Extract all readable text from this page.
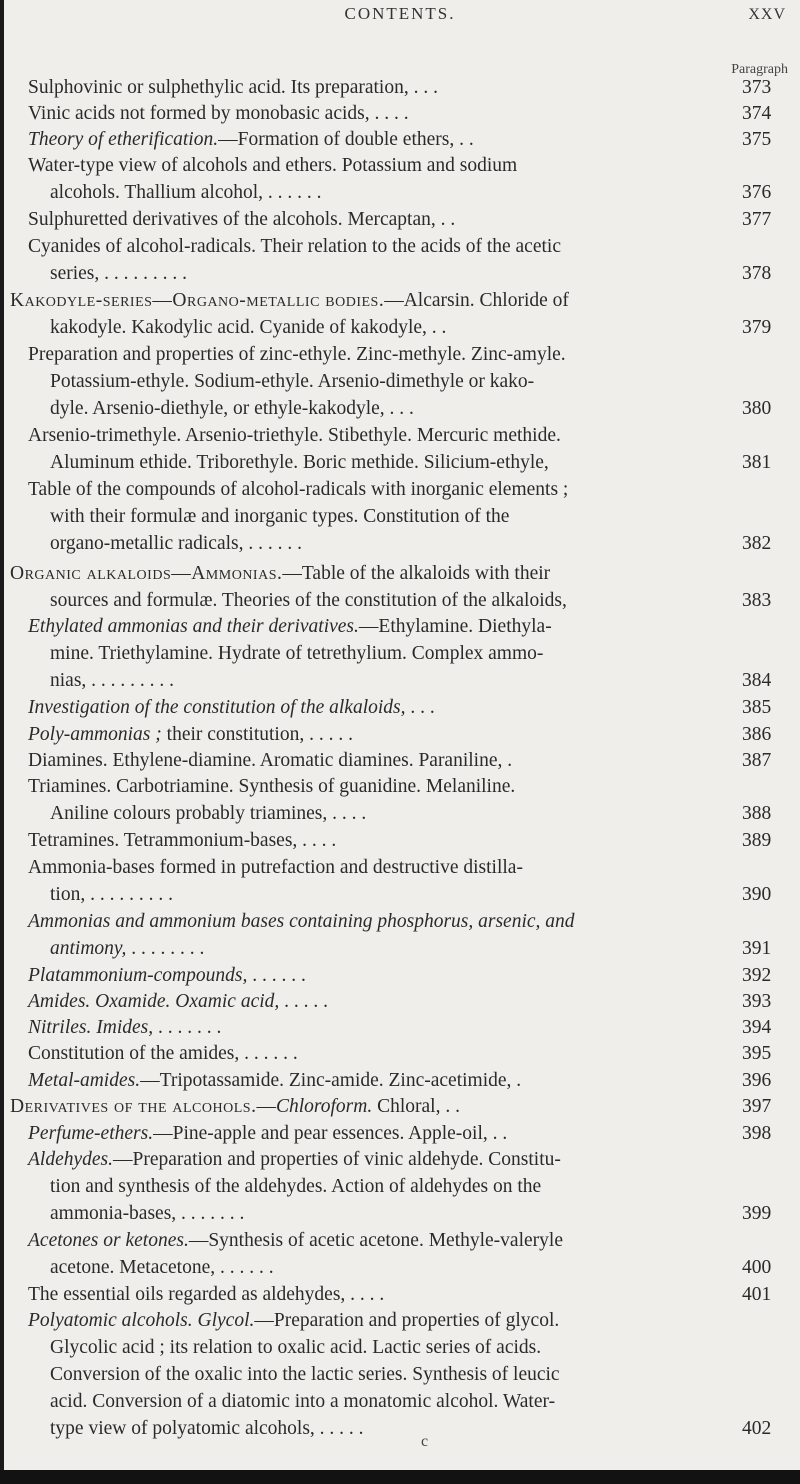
CONTENTS.	XXV
Paragraph
Sulphovinic or sulphethylic acid. Its preparation, . . .	373
Vinic acids not formed by monobasic acids, . . . .	374
Theory of etherification.—Formation of double ethers, . .	375
Water-type view of alcohols and ethers. Potassium and sodium
alcohols. Thallium alcohol, . . . . . .	376
Sulphuretted derivatives of the alcohols. Mercaptan, . .	377
Cyanides of alcohol-radicals. Their relation to the acids of the acetic
series, . . . . . . . . .	378
Kakodyle-series—Organo-metallic bodies.—Alcarsin. Chloride of
kakodyle. Kakodylic acid. Cyanide of kakodyle, . .	379
Preparation and properties of zinc-ethyle. Zinc-methyle. Zinc-amyle.
Potassium-ethyle. Sodium-ethyle. Arsenio-dimethyle or kako-
dyle. Arsenio-diethyle, or ethyle-kakodyle, . . .	380
Arsenio-trimethyle. Arsenio-triethyle. Stibethyle. Mercuric methide.
Aluminum ethide. Triborethyle. Boric methide. Silicium-ethyle,	381
Table of the compounds of alcohol-radicals with inorganic elements ;
with their formulæ and inorganic types. Constitution of the
organo-metallic radicals, . . . . . .	382
Organic alkaloids—Ammonias.—Table of the alkaloids with their
sources and formulæ. Theories of the constitution of the alkaloids,	383
Ethylated ammonias and their derivatives.—Ethylamine. Diethyla-
mine. Triethylamine. Hydrate of tetrethylium. Complex ammo-
nias, . . . . . . . . .	384
Investigation of the constitution of the alkaloids, . . .	385
Poly-ammonias ; their constitution, . . . . .	386
Diamines. Ethylene-diamine. Aromatic diamines. Paraniline, .	387
Triamines. Carbotriamine. Synthesis of guanidine. Melaniline.
Aniline colours probably triamines, . . . .	388
Tetramines. Tetrammonium-bases, . . . .	389
Ammonia-bases formed in putrefaction and destructive distilla-
tion, . . . . . . . . .	390
Ammonias and ammonium bases containing phosphorus, arsenic, and
antimony, . . . . . . . .	391
Platammonium-compounds, . . . . . .	392
Amides. Oxamide. Oxamic acid, . . . . .	393
Nitriles. Imides, . . . . . . .	394
Constitution of the amides, . . . . . .	395
Metal-amides.—Tripotassamide. Zinc-amide. Zinc-acetimide, .	396
Derivatives of the alcohols.—Chloroform. Chloral, . .	397
Perfume-ethers.—Pine-apple and pear essences. Apple-oil, . .	398
Aldehydes.—Preparation and properties of vinic aldehyde. Constitu-
tion and synthesis of the aldehydes. Action of aldehydes on the
ammonia-bases, . . . . . . .	399
Acetones or ketones.—Synthesis of acetic acetone. Methyle-valeryle
acetone. Metacetone, . . . . . .	400
The essential oils regarded as aldehydes, . . . .	401
Polyatomic alcohols. Glycol.—Preparation and properties of glycol.
Glycolic acid ; its relation to oxalic acid. Lactic series of acids.
Conversion of the oxalic into the lactic series. Synthesis of leucic
acid. Conversion of a diatomic into a monatomic alcohol. Water-
type view of polyatomic alcohols, . . . . .	402
c
